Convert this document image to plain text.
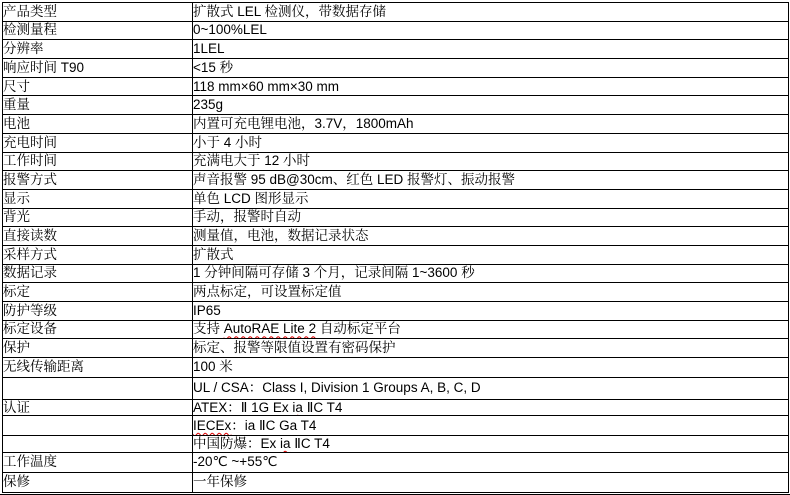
产品类型	扩散式 LEL 检测仪，带数据存储
检测量程	0~100%LEL
分辨率	1LEL
响应时间 T90	<15 秒
尺寸	118 mm×60 mm×30 mm
重量	235g
电池	内置可充电锂电池，3.7V，1800mAh
充电时间	小于 4 小时
工作时间	充满电大于 12 小时
报警方式	声音报警 95 dB@30cm、红色 LED 报警灯、振动报警
显示	单色 LCD 图形显示
背光	手动，报警时自动
直接读数	测量值，电池，数据记录状态
采样方式	扩散式
数据记录	1 分钟间隔可存储 3 个月，记录间隔 1~3600 秒
标定	两点标定，可设置标定值
防护等级	IP65
标定设备	支持 AutoRAE Lite 2 自动标定平台
保护	标定、报警等限值设置有密码保护
无线传输距离	100 米
	UL / CSA：Class I, Division 1 Groups A, B, C, D
认证	ATEX：Ⅱ 1G Ex ia ⅡC T4
	IECEx：ia ⅡC Ga T4
	中国防爆：Ex ia ⅡC T4
工作温度	-20℃ ~+55℃
保修	一年保修
